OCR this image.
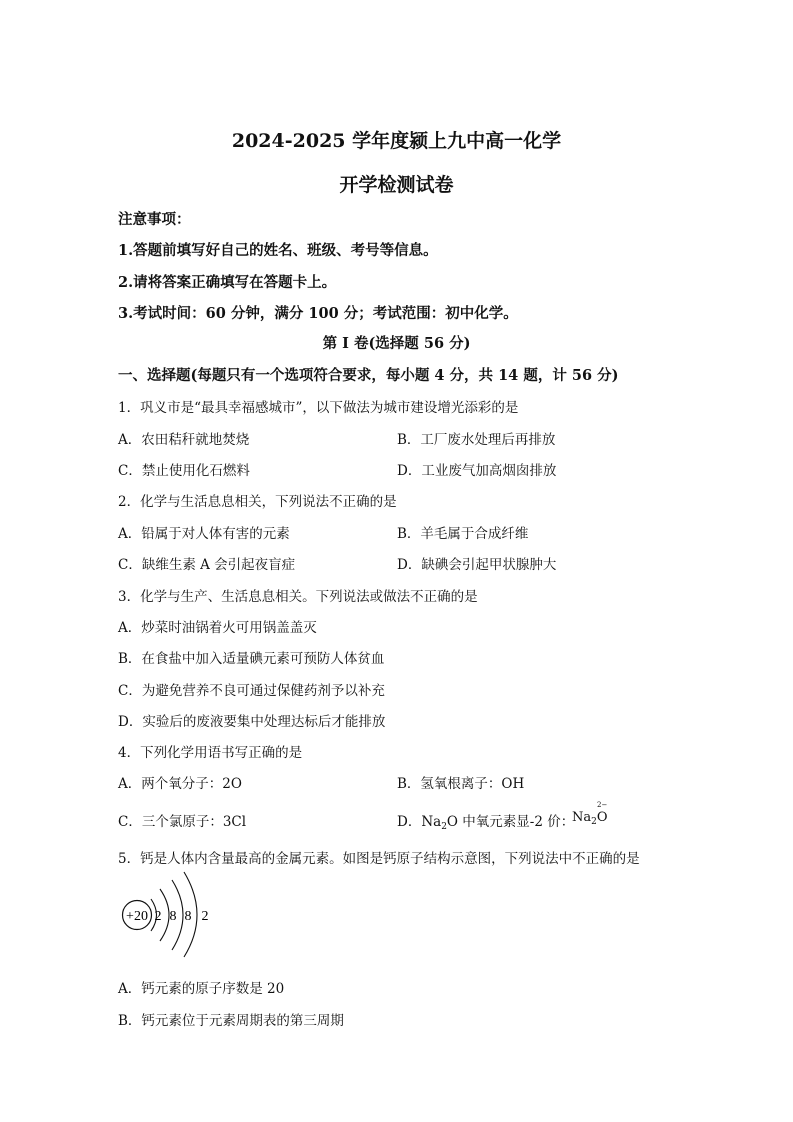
2024-2025 学年度颍上九中高一化学
开学检测试卷
注意事项：
1.答题前填写好自己的姓名、班级、考号等信息。
2.请将答案正确填写在答题卡上。
3.考试时间：60 分钟，满分 100 分；考试范围：初中化学。
第 I 卷(选择题 56 分)
一、选择题(每题只有一个选项符合要求，每小题 4 分，共 14 题，计 56 分)
1．巩义市是“最具幸福感城市”，以下做法为城市建设增光添彩的是
A．农田秸秆就地焚烧	B．工厂废水处理后再排放
C．禁止使用化石燃料	D．工业废气加高烟囱排放
2．化学与生活息息相关，下列说法不正确的是
A．铅属于对人体有害的元素	B．羊毛属于合成纤维
C．缺维生素 A 会引起夜盲症	D．缺碘会引起甲状腺肿大
3．化学与生产、生活息息相关。下列说法或做法不正确的是
A．炒菜时油锅着火可用锅盖盖灭
B．在食盐中加入适量碘元素可预防人体贫血
C．为避免营养不良可通过保健药剂予以补充
D．实验后的废液要集中处理达标后才能排放
4．下列化学用语书写正确的是
A．两个氧分子：2O	B．氢氧根离子：OH
C．三个氯原子：3Cl	D．$Na_2O$ 中氧元素显-2 价：
$Na_2O$
2−
5．钙是人体内含量最高的金属元素。如图是钙原子结构示意图，下列说法中不正确的是
+20 2 8 8 2
A．钙元素的原子序数是 20
B．钙元素位于元素周期表的第三周期
